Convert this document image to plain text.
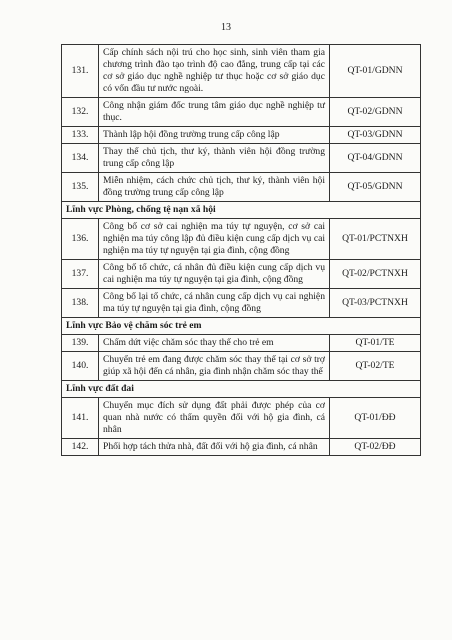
13
131.	Cấp chính sách nội trú cho học sinh, sinh viên tham gia chương trình đào tạo trình độ cao đẳng, trung cấp tại các cơ sở giáo dục nghề nghiệp tư thục hoặc cơ sở giáo dục có vốn đầu tư nước ngoài.	QT-01/GDNN
132.	Công nhận giám đốc trung tâm giáo dục nghề nghiệp tư thục.	QT-02/GDNN
133.	Thành lập hội đồng trường trung cấp công lập	QT-03/GDNN
134.	Thay thế chủ tịch, thư ký, thành viên hội đồng trường trung cấp công lập	QT-04/GDNN
135.	Miễn nhiệm, cách chức chủ tịch, thư ký, thành viên hội đồng trường trung cấp công lập	QT-05/GDNN
Lĩnh vực Phòng, chống tệ nạn xã hội		
136.	Công bố cơ sở cai nghiện ma túy tự nguyện, cơ sở cai nghiện ma túy công lập đủ điều kiện cung cấp dịch vụ cai nghiện ma túy tự nguyện tại gia đình, cộng đồng	QT-01/PCTNXH
137.	Công bố tổ chức, cá nhân đủ điều kiện cung cấp dịch vụ cai nghiện ma túy tự nguyện tại gia đình, cộng đồng	QT-02/PCTNXH
138.	Công bố lại tổ chức, cá nhân cung cấp dịch vụ cai nghiện ma túy tự nguyện tại gia đình, cộng đồng	QT-03/PCTNXH
Lĩnh vực Bảo vệ chăm sóc trẻ em		
139.	Chấm dứt việc chăm sóc thay thế cho trẻ em	QT-01/TE
140.	Chuyển trẻ em đang được chăm sóc thay thế tại cơ sở trợ giúp xã hội đến cá nhân, gia đình nhận chăm sóc thay thế	QT-02/TE
Lĩnh vực đất đai		
141.	Chuyển mục đích sử dụng đất phải được phép của cơ quan nhà nước có thẩm quyền đối với hộ gia đình, cá nhân	QT-01/ĐĐ
142.	Phối hợp tách thửa nhà, đất đối với hộ gia đình, cá nhân	QT-02/ĐĐ
